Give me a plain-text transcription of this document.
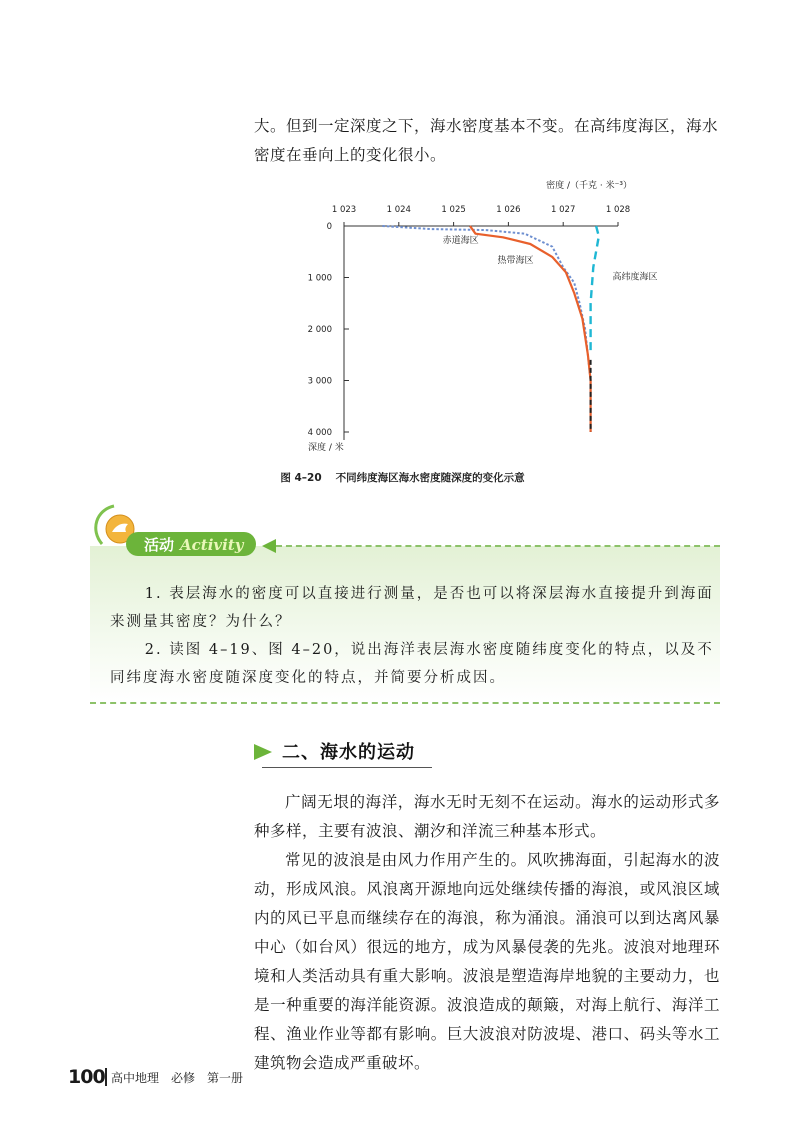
大。但到一定深度之下，海水密度基本不变。在高纬度海区，海水

密度在垂向上的变化很小。

1 023	1 024	1 025	1 026	1 027	1 028
0
1 000
2 000
3 000
4 000
密度 /（千克 · 米⁻³）
深度 / 米
赤道海区
热带海区
高纬度海区
图 4–20 不同纬度海区海水密度随深度的变化示意
活动 Activity

1. 表层海水的密度可以直接进行测量，是否也可以将深层海水直接提升到海面来测量其密度？为什么？

2. 读图 4–19、图 4–20，说出海洋表层海水密度随纬度变化的特点，以及不同纬度海水密度随深度变化的特点，并简要分析成因。

二、海水的运动

广阔无垠的海洋，海水无时无刻不在运动。海水的运动形式多种多样，主要有波浪、潮汐和洋流三种基本形式。

常见的波浪是由风力作用产生的。风吹拂海面，引起海水的波动，形成风浪。风浪离开源地向远处继续传播的海浪，或风浪区域内的风已平息而继续存在的海浪，称为涌浪。涌浪可以到达离风暴中心（如台风）很远的地方，成为风暴侵袭的先兆。波浪对地理环境和人类活动具有重大影响。波浪是塑造海岸地貌的主要动力，也是一种重要的海洋能资源。波浪造成的颠簸，对海上航行、海洋工程、渔业作业等都有影响。巨大波浪对防波堤、港口、码头等水工建筑物会造成严重破坏。

100 高中地理　必修　第一册
